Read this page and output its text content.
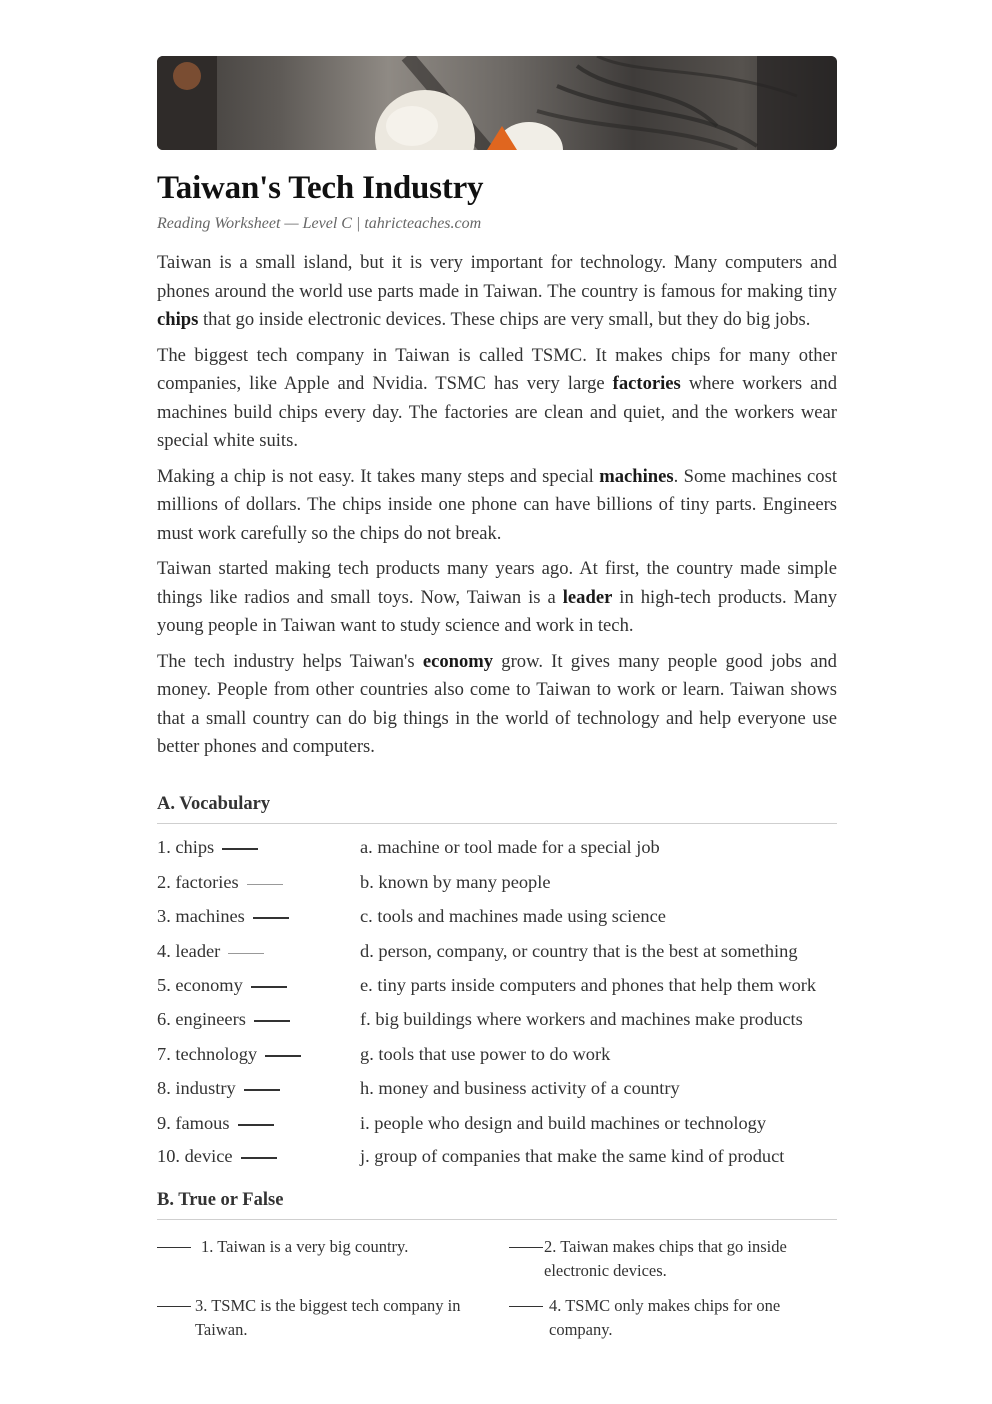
Taiwan's Tech Industry
Reading Worksheet — Level C | tahricteaches.com

Taiwan is a small island, but it is very important for technology. Many computers and phones around the world use parts made in Taiwan. The country is famous for making tiny chips that go inside electronic devices. These chips are very small, but they do big jobs.

The biggest tech company in Taiwan is called TSMC. It makes chips for many other companies, like Apple and Nvidia. TSMC has very large factories where workers and machines build chips every day. The factories are clean and quiet, and the workers wear special white suits.

Making a chip is not easy. It takes many steps and special machines. Some machines cost millions of dollars. The chips inside one phone can have billions of tiny parts. Engineers must work carefully so the chips do not break.

Taiwan started making tech products many years ago. At first, the country made simple things like radios and small toys. Now, Taiwan is a leader in high-tech products. Many young people in Taiwan want to study science and work in tech.

The tech industry helps Taiwan's economy grow. It gives many people good jobs and money. People from other countries also come to Taiwan to work or learn. Taiwan shows that a small country can do big things in the world of technology and help everyone use better phones and computers.

A. Vocabulary
1. chips	a. machine or tool made for a special job
2. factories	b. known by many people
3. machines	c. tools and machines made using science
4. leader	d. person, company, or country that is the best at something
5. economy	e. tiny parts inside computers and phones that help them work
6. engineers	f. big buildings where workers and machines make products
7. technology	g. tools that use power to do work
8. industry	h. money and business activity of a country
9. famous	i. people who design and build machines or technology
10. device	j. group of companies that make the same kind of product
B. True or False
1. Taiwan is a very big country.	2. Taiwan makes chips that go inside electronic devices.
3. TSMC is the biggest tech company in Taiwan.
4. TSMC only makes chips for one company.
